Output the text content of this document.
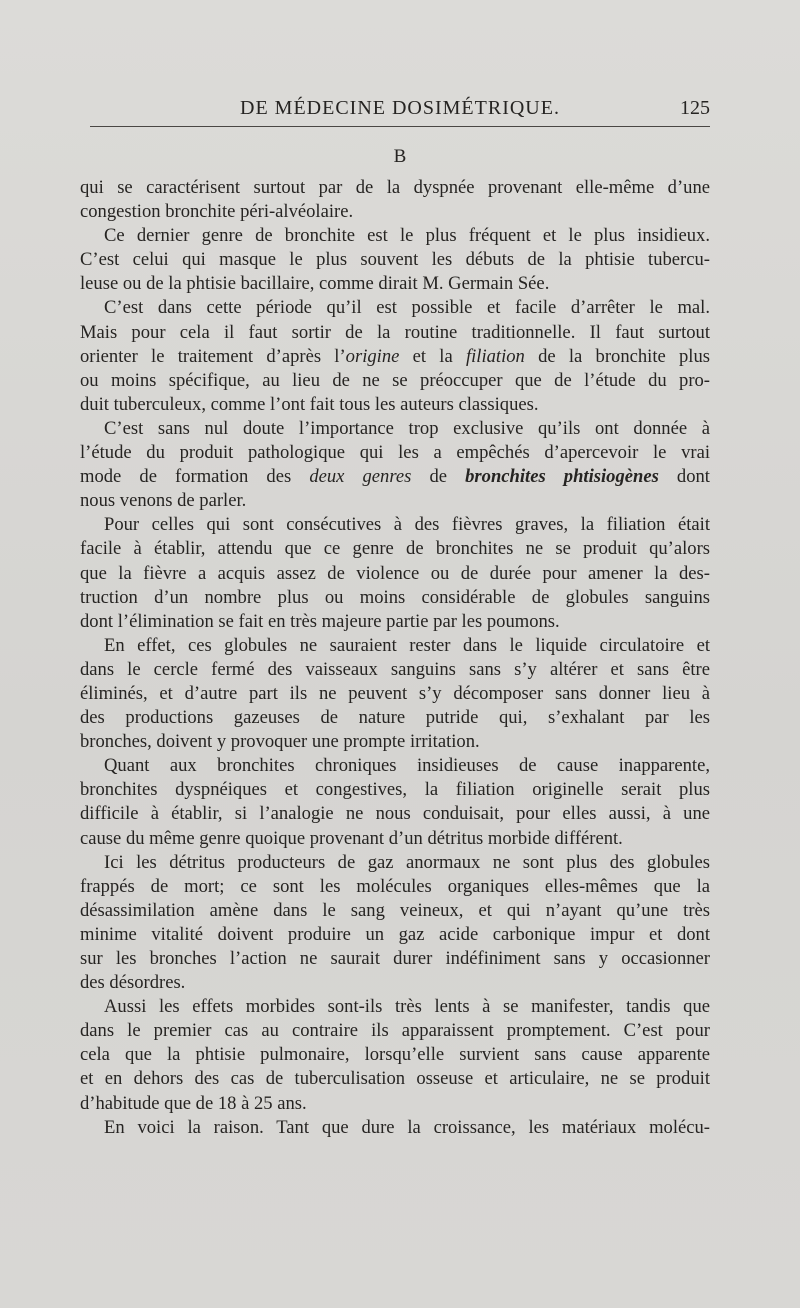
DE MÉDECINE DOSIMÉTRIQUE.	125
B
qui se caractérisent surtout par de la dyspnée provenant elle-même d’une
congestion bronchite péri-alvéolaire.
Ce dernier genre de bronchite est le plus fréquent et le plus insidieux.
C’est celui qui masque le plus souvent les débuts de la phtisie tubercu-
leuse ou de la phtisie bacillaire, comme dirait M. Germain Sée.
C’est dans cette période qu’il est possible et facile d’arrêter le mal.
Mais pour cela il faut sortir de la routine traditionnelle. Il faut surtout
orienter le traitement d’après l’origine et la filiation de la bronchite plus
ou moins spécifique, au lieu de ne se préoccuper que de l’étude du pro-
duit tuberculeux, comme l’ont fait tous les auteurs classiques.
C’est sans nul doute l’importance trop exclusive qu’ils ont donnée à
l’étude du produit pathologique qui les a empêchés d’apercevoir le vrai
mode de formation des deux genres de bronchites phtisiogènes dont
nous venons de parler.
Pour celles qui sont consécutives à des fièvres graves, la filiation était
facile à établir, attendu que ce genre de bronchites ne se produit qu’alors
que la fièvre a acquis assez de violence ou de durée pour amener la des-
truction d’un nombre plus ou moins considérable de globules sanguins
dont l’élimination se fait en très majeure partie par les poumons.
En effet, ces globules ne sauraient rester dans le liquide circulatoire et
dans le cercle fermé des vaisseaux sanguins sans s’y altérer et sans être
éliminés, et d’autre part ils ne peuvent s’y décomposer sans donner lieu à
des productions gazeuses de nature putride qui, s’exhalant par les
bronches, doivent y provoquer une prompte irritation.
Quant aux bronchites chroniques insidieuses de cause inapparente,
bronchites dyspnéiques et congestives, la filiation originelle serait plus
difficile à établir, si l’analogie ne nous conduisait, pour elles aussi, à une
cause du même genre quoique provenant d’un détritus morbide différent.
Ici les détritus producteurs de gaz anormaux ne sont plus des globules
frappés de mort; ce sont les molécules organiques elles-mêmes que la
désassimilation amène dans le sang veineux, et qui n’ayant qu’une très
minime vitalité doivent produire un gaz acide carbonique impur et dont
sur les bronches l’action ne saurait durer indéfiniment sans y occasionner
des désordres.
Aussi les effets morbides sont-ils très lents à se manifester, tandis que
dans le premier cas au contraire ils apparaissent promptement. C’est pour
cela que la phtisie pulmonaire, lorsqu’elle survient sans cause apparente
et en dehors des cas de tuberculisation osseuse et articulaire, ne se produit
d’habitude que de 18 à 25 ans.
En voici la raison. Tant que dure la croissance, les matériaux molécu-
